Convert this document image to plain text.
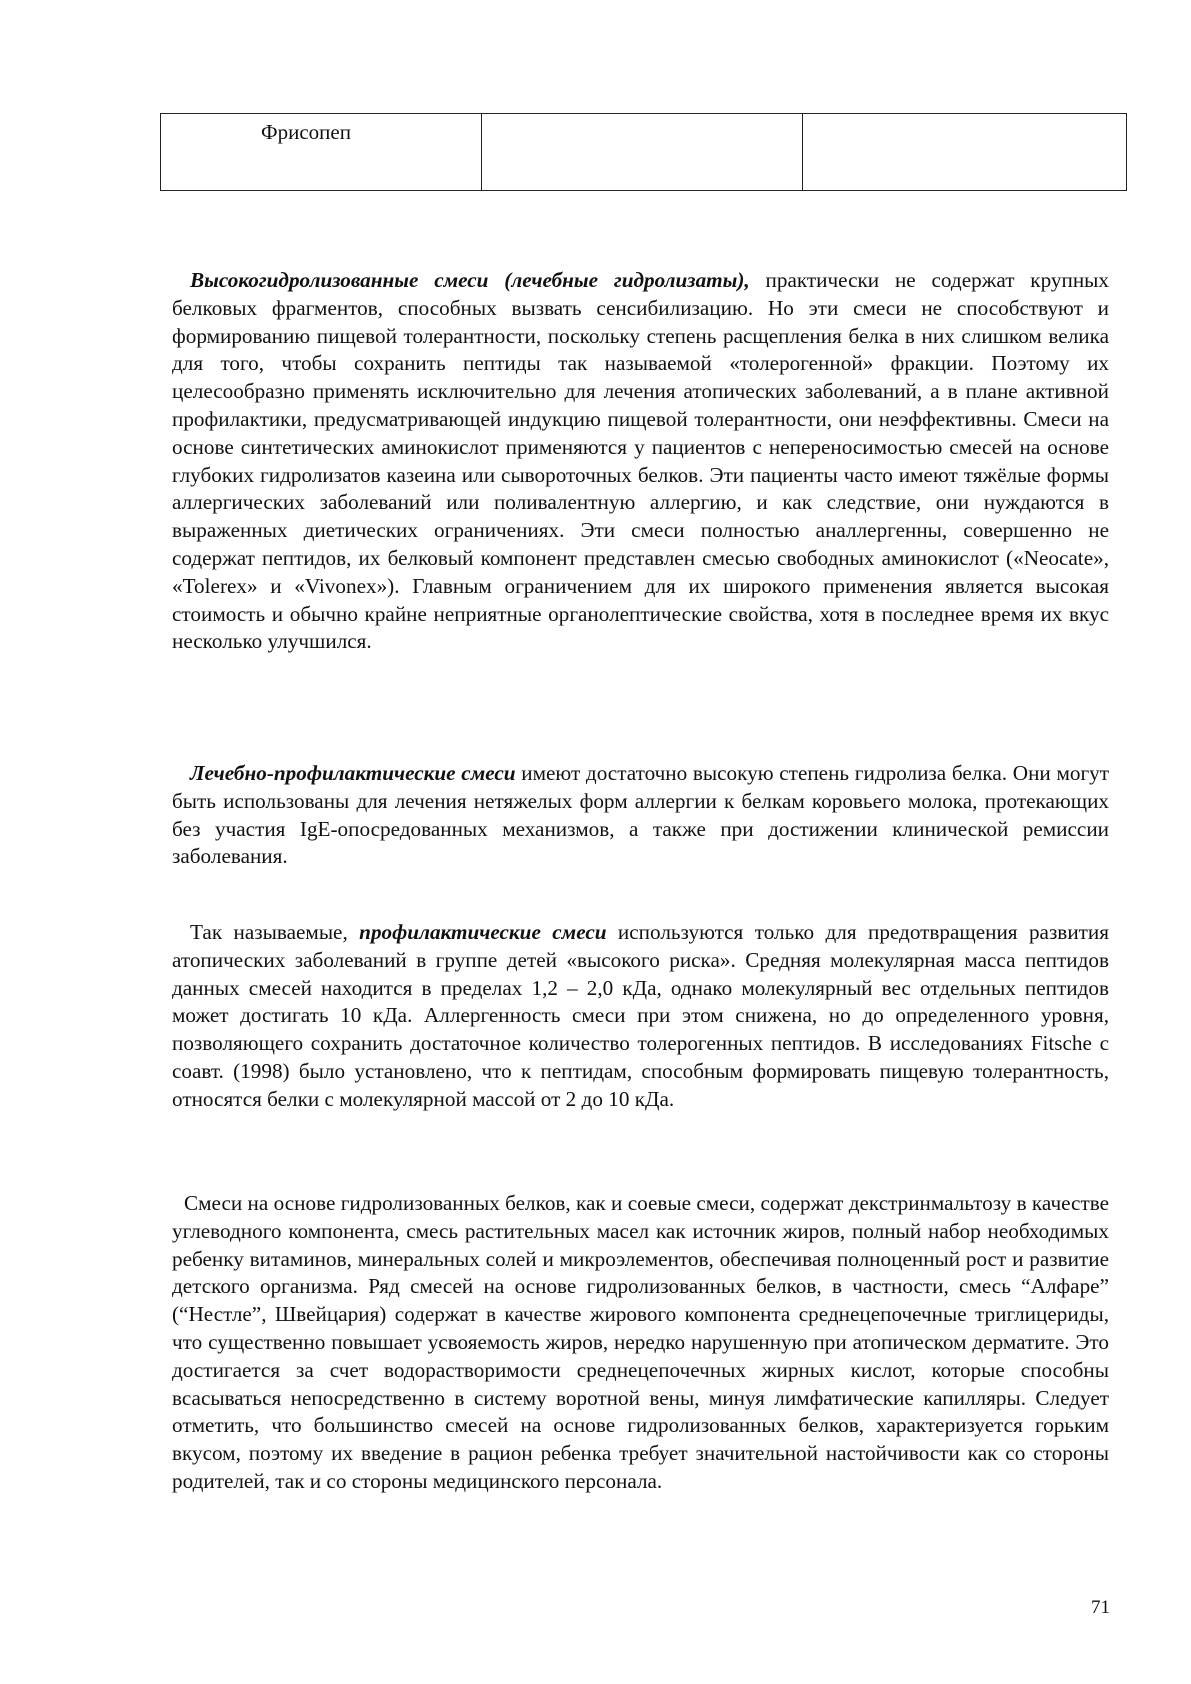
Фрисопеп

Высокогидролизованные смеси (лечебные гидролизаты), практически не содержат крупных белковых фрагментов, способных вызвать сенсибилизацию. Но эти смеси не способствуют и формированию пищевой толерантности, поскольку степень расщепления белка в них слишком велика для того, чтобы сохранить пептиды так называемой «толерогенной» фракции. Поэтому их целесообразно применять исключительно для лечения атопических заболеваний, а в плане активной профилактики, предусматривающей индукцию пищевой толерантности, они неэффективны. Смеси на основе синтетических аминокислот применяются у пациентов с непереносимостью смесей на основе глубоких гидролизатов казеина или сывороточных белков. Эти пациенты часто имеют тяжёлые формы аллергических заболеваний или поливалентную аллергию, и как следствие, они нуждаются в выраженных диетических ограничениях. Эти смеси полностью аналлергенны, совершенно не содержат пептидов, их белковый компонент представлен смесью свободных аминокислот («Neocate», «Tolerex» и «Vivonex»). Главным ограничением для их широкого применения является высокая стоимость и обычно крайне неприятные органолептические свойства, хотя в последнее время их вкус несколько улучшился.

Лечебно-профилактические смеси имеют достаточно высокую степень гидролиза белка. Они могут быть использованы для лечения нетяжелых форм аллергии к белкам коровьего молока, протекающих без участия IgE-опосредованных механизмов, а также при достижении клинической ремиссии заболевания.

Так называемые, профилактические смеси используются только для предотвращения развития атопических заболеваний в группе детей «высокого риска». Средняя молекулярная масса пептидов данных смесей находится в пределах 1,2 – 2,0 кДа, однако молекулярный вес отдельных пептидов может достигать 10 кДа. Аллергенность смеси при этом снижена, но до определенного уровня, позволяющего сохранить достаточное количество толерогенных пептидов. В исследованиях Fitsche с соавт. (1998) было установлено, что к пептидам, способным формировать пищевую толерантность, относятся белки с молекулярной массой от 2 до 10 кДа.

Смеси на основе гидролизованных белков, как и соевые смеси, содержат декстринмальтозу в качестве углеводного компонента, смесь растительных масел как источник жиров, полный набор необходимых ребенку витаминов, минеральных солей и микроэлементов, обеспечивая полноценный рост и развитие детского организма. Ряд смесей на основе гидролизованных белков, в частности, смесь “Алфаре” (“Нестле”, Швейцария) содержат в качестве жирового компонента среднецепочечные триглицериды, что существенно повышает усвояемость жиров, нередко нарушенную при атопическом дерматите. Это достигается за счет водорастворимости среднецепочечных жирных кислот, которые способны всасываться непосредственно в систему воротной вены, минуя лимфатические капилляры. Следует отметить, что большинство смесей на основе гидролизованных белков, характеризуется горьким вкусом, поэтому их введение в рацион ребенка требует значительной настойчивости как со стороны родителей, так и со стороны медицинского персонала.

71
